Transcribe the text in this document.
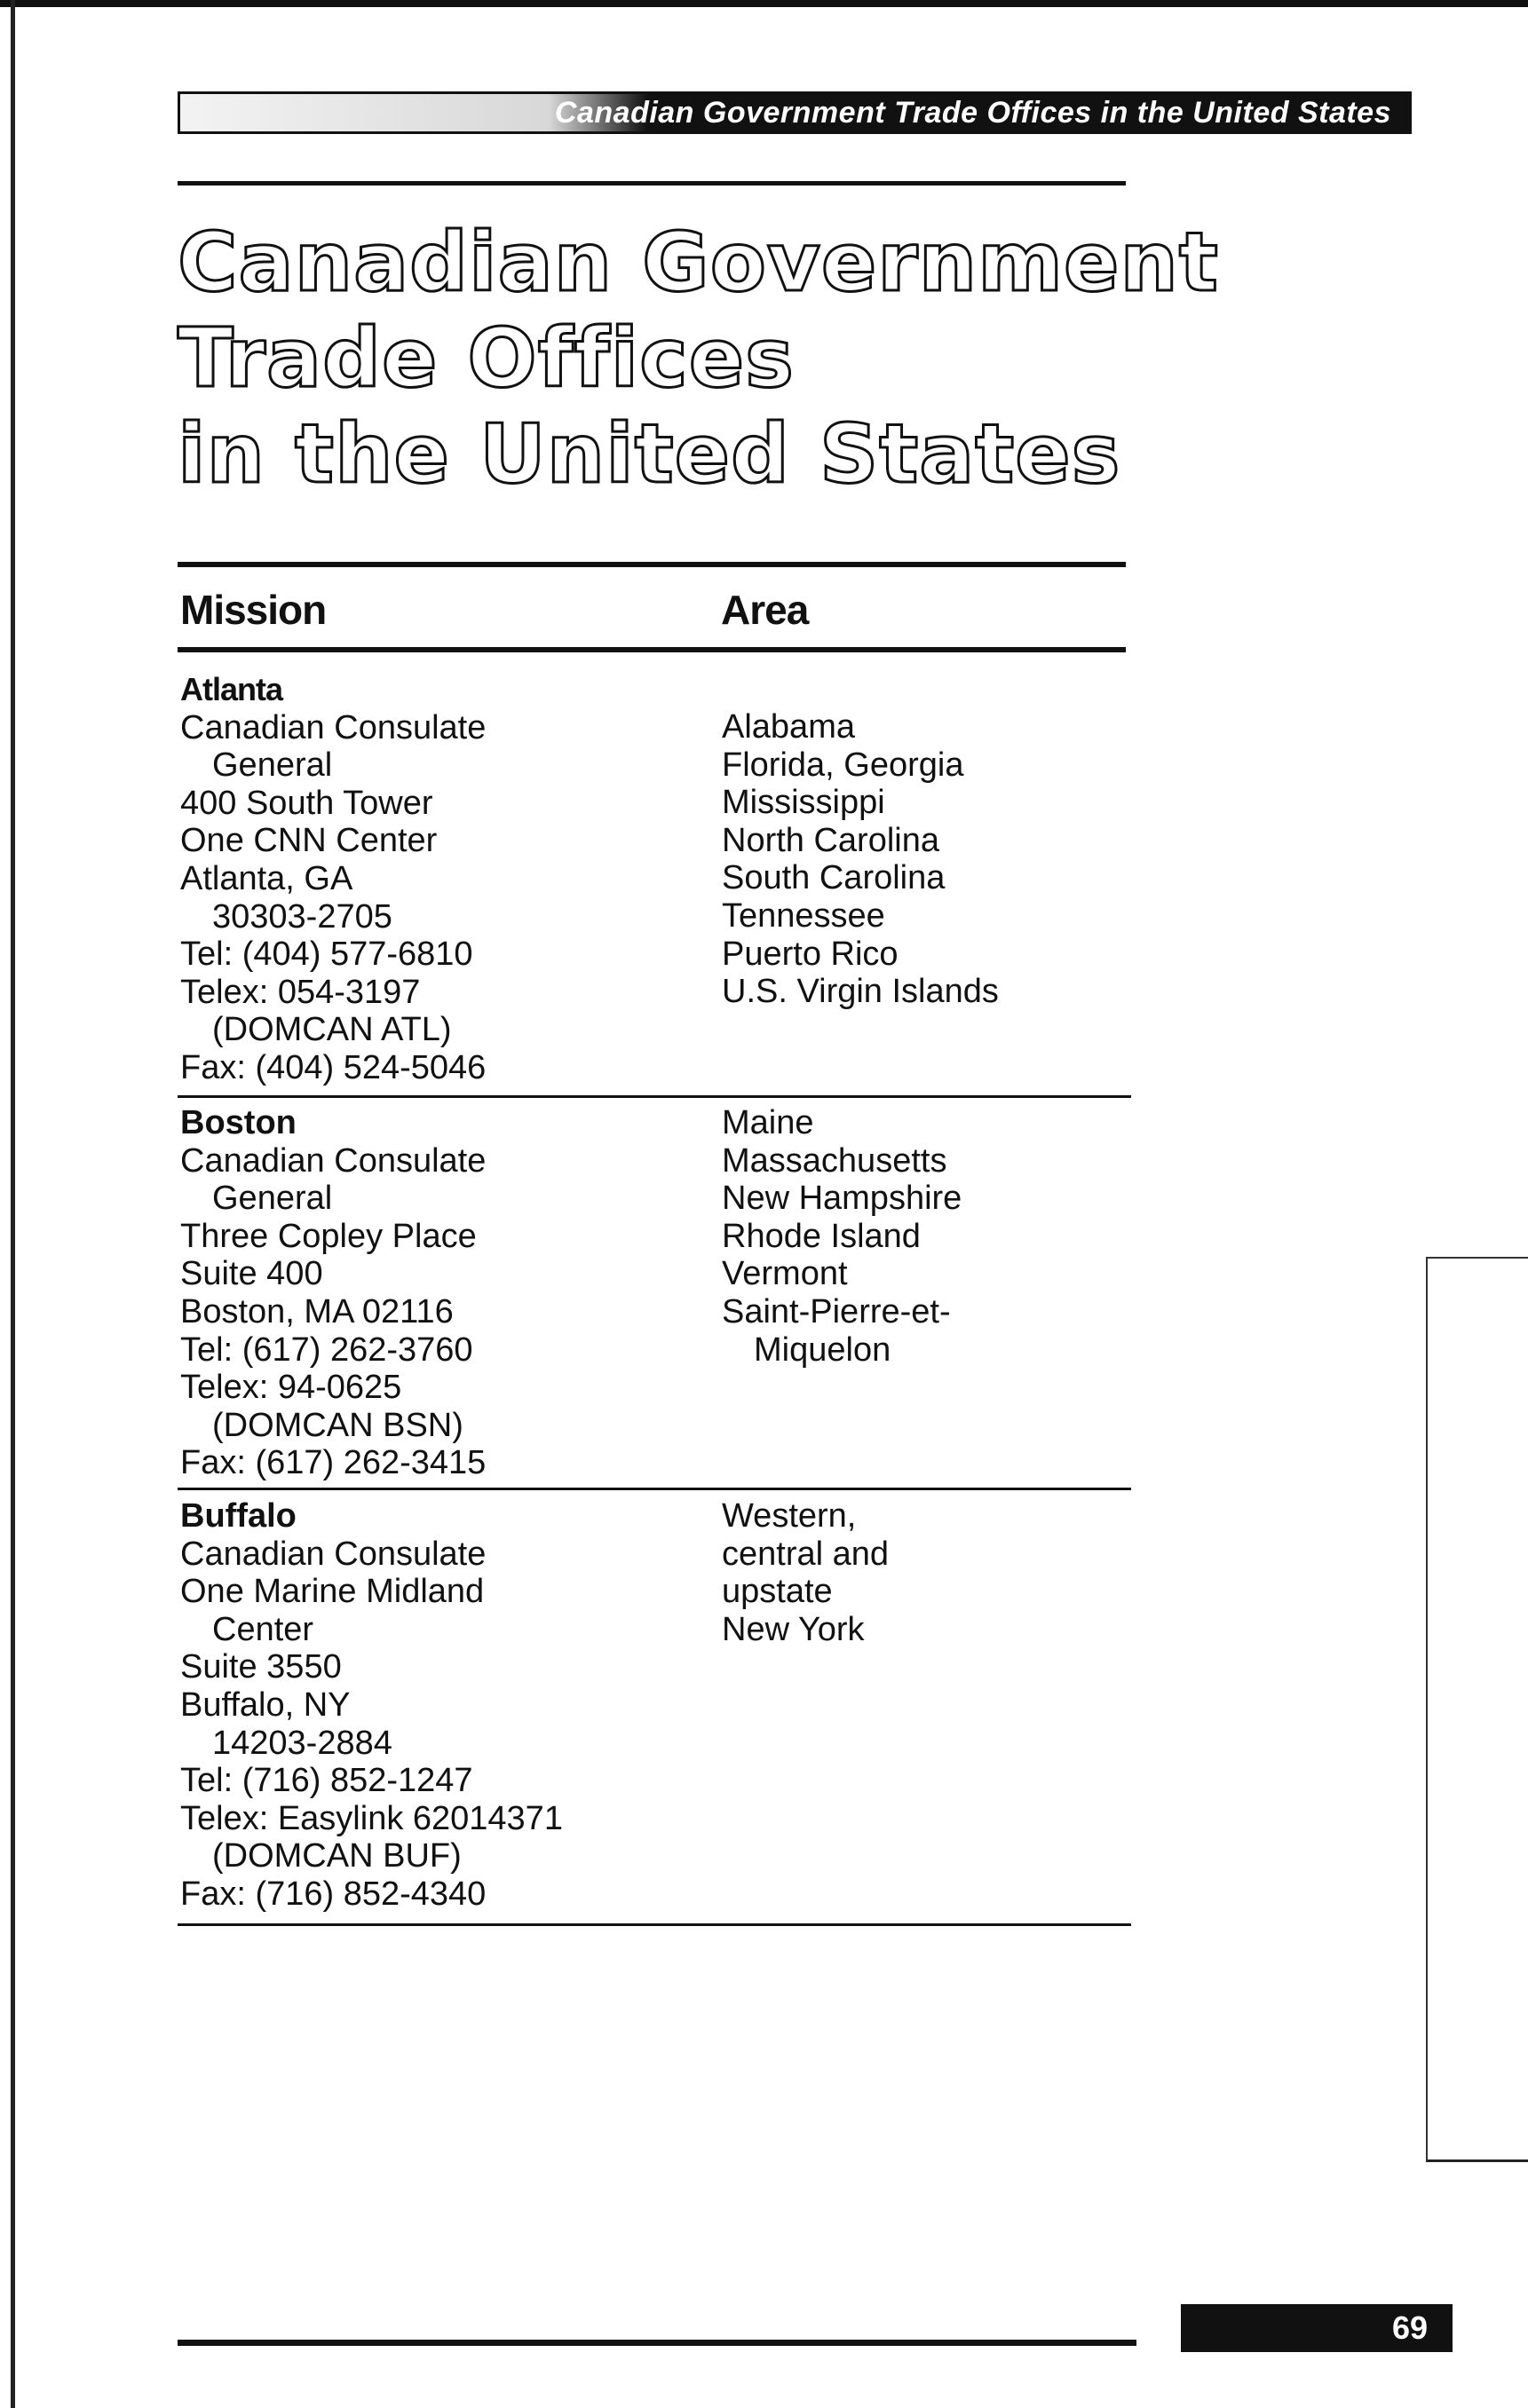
Canadian Government Trade Offices in the United States
Canadian Government
Trade Offices
in the United States
Mission	Area
Atlanta
Canadian Consulate
General
400 South Tower
One CNN Center
Atlanta, GA
30303-2705
Tel: (404) 577-6810
Telex: 054-3197
(DOMCAN ATL)
Fax: (404) 524-5046
Alabama
Florida, Georgia
Mississippi
North Carolina
South Carolina
Tennessee
Puerto Rico
U.S. Virgin Islands
Boston
Canadian Consulate
General
Three Copley Place
Suite 400
Boston, MA 02116
Tel: (617) 262-3760
Telex: 94-0625
(DOMCAN BSN)
Fax: (617) 262-3415
Maine
Massachusetts
New Hampshire
Rhode Island
Vermont
Saint-Pierre-et-
Miquelon
Buffalo
Canadian Consulate
One Marine Midland
Center
Suite 3550
Buffalo, NY
14203-2884
Tel: (716) 852-1247
Telex: Easylink 62014371
(DOMCAN BUF)
Fax: (716) 852-4340
Western,
central and
upstate
New York
69
